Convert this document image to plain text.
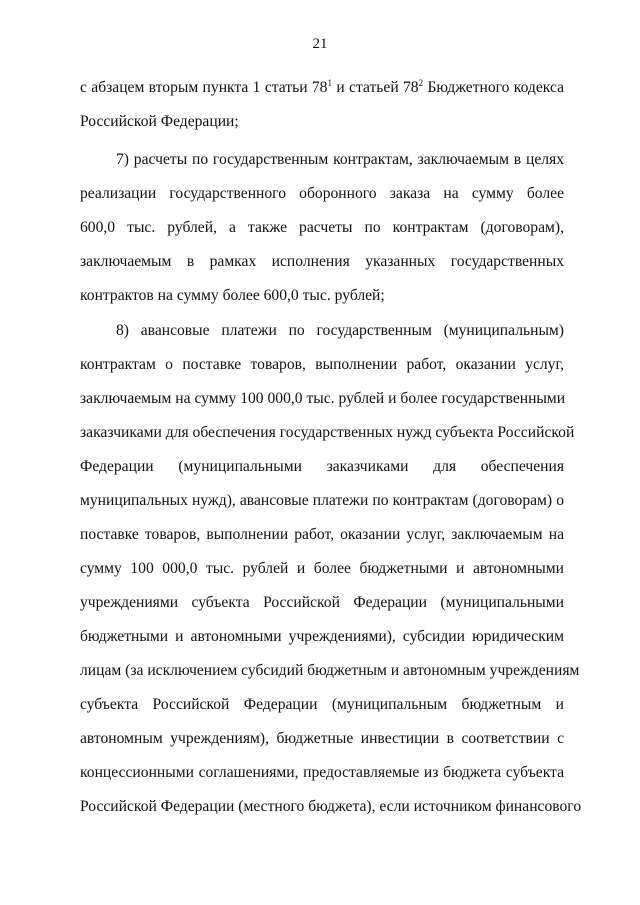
21
с абзацем вторым пункта 1 статьи $78^1$ и статьей $78^2$ Бюджетного кодекса
Российской Федерации;
7) расчеты по государственным контрактам, заключаемым в целях
реализации государственного оборонного заказа на сумму более
600,0 тыс. рублей, а также расчеты по контрактам (договорам),
заключаемым в рамках исполнения указанных государственных
контрактов на сумму более 600,0 тыс. рублей;
8) авансовые платежи по государственным (муниципальным)
контрактам о поставке товаров, выполнении работ, оказании услуг,
заключаемым на сумму 100 000,0 тыс. рублей и более государственными
заказчиками для обеспечения государственных нужд субъекта Российской
Федерации (муниципальными заказчиками для обеспечения
муниципальных нужд), авансовые платежи по контрактам (договорам) о
поставке товаров, выполнении работ, оказании услуг, заключаемым на
сумму 100 000,0 тыс. рублей и более бюджетными и автономными
учреждениями субъекта Российской Федерации (муниципальными
бюджетными и автономными учреждениями), субсидии юридическим
лицам (за исключением субсидий бюджетным и автономным учреждениям
субъекта Российской Федерации (муниципальным бюджетным и
автономным учреждениям), бюджетные инвестиции в соответствии с
концессионными соглашениями, предоставляемые из бюджета субъекта
Российской Федерации (местного бюджета), если источником финансового
